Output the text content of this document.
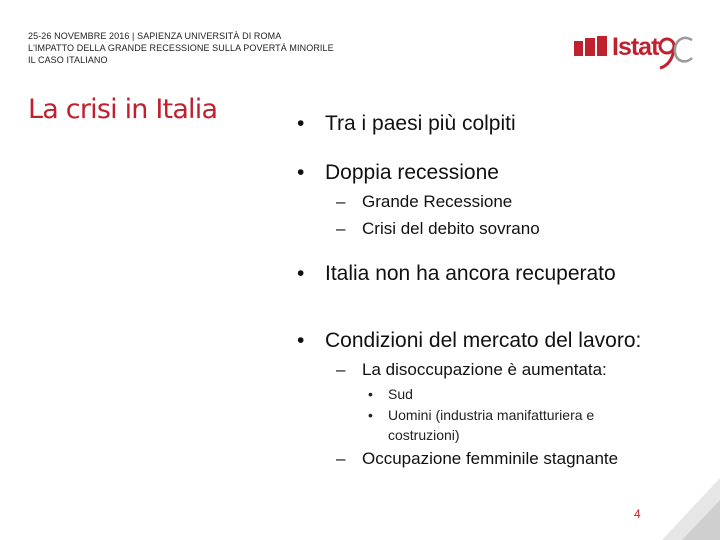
25-26 NOVEMBRE 2016 | SAPIENZA UNIVERSITÀ DI ROMA
L'IMPATTO DELLA GRANDE RECESSIONE SULLA POVERTÁ MINORILE
IL CASO ITALIANO	Istat
La crisi in Italia	• Tra i paesi più colpiti
• Doppia recessione
– Grande Recessione
– Crisi del debito sovrano
• Italia non ha ancora recuperato
• Condizioni del mercato del lavoro:
– La disoccupazione è aumentata:
• Sud
• Uomini (industria manifatturiera e costruzioni)
– Occupazione femminile stagnante
4
